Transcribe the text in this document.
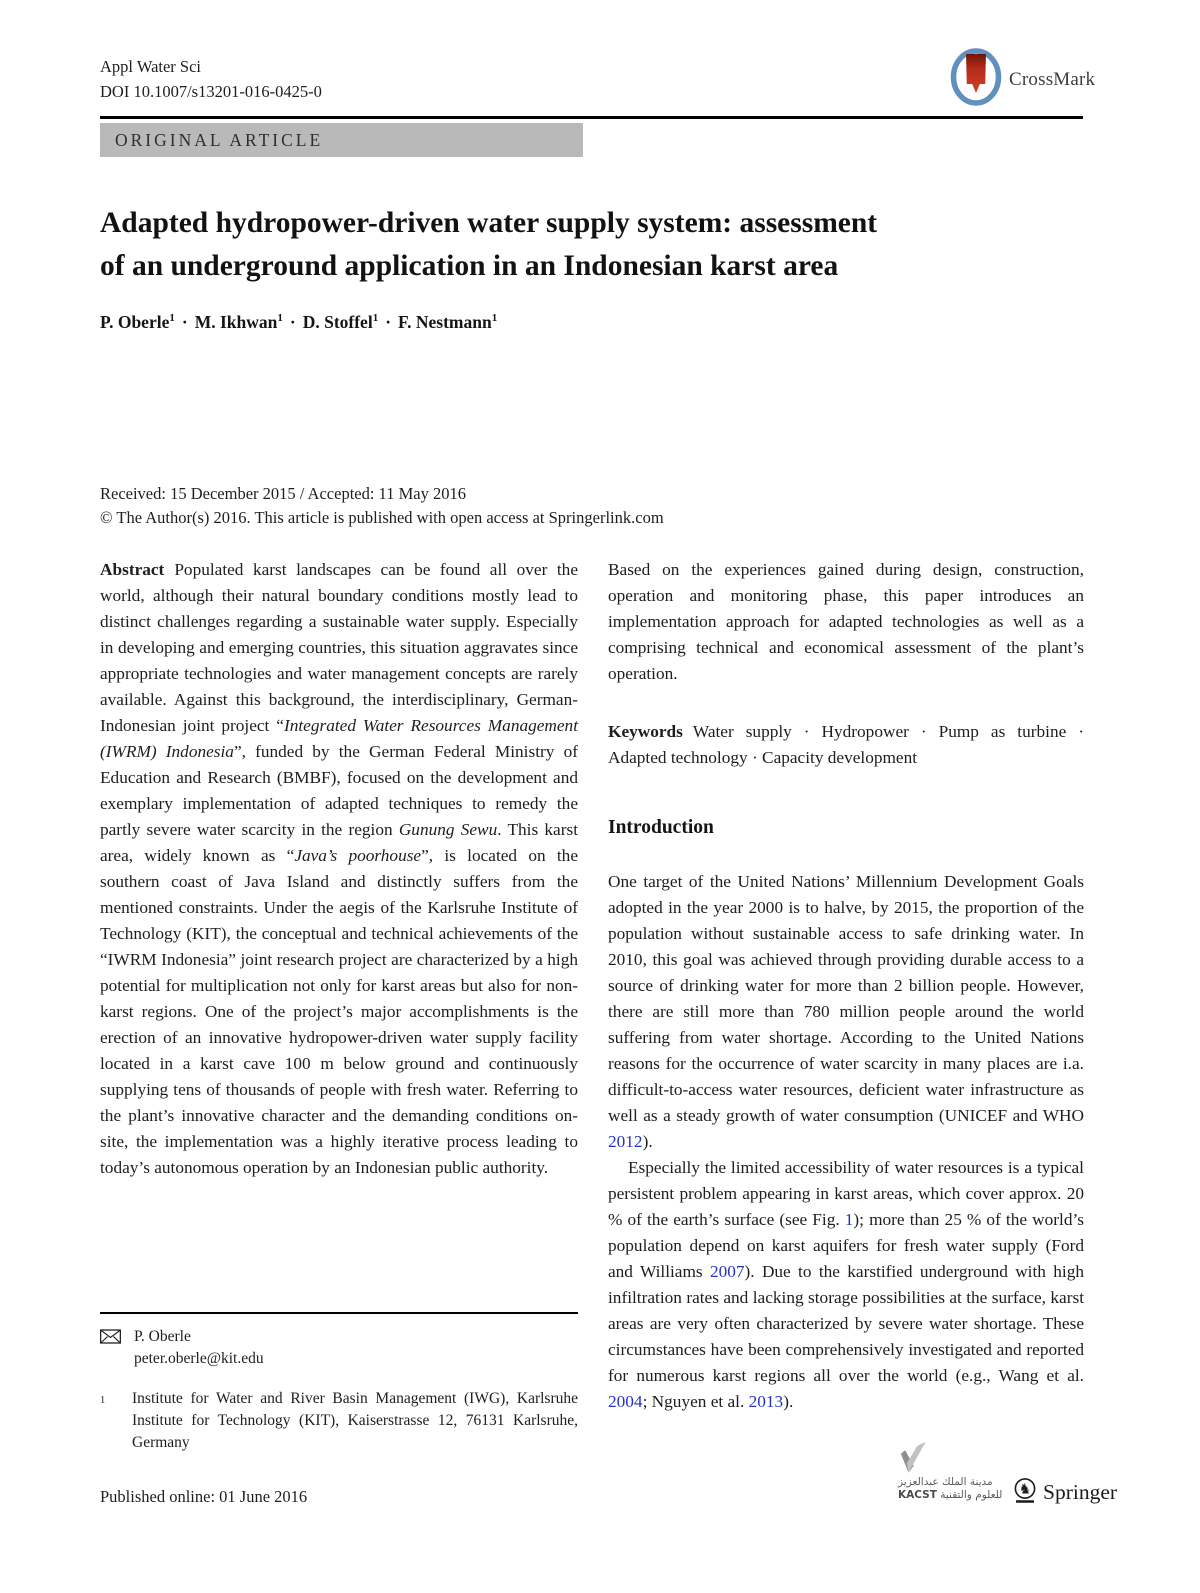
Appl Water Sci
DOI 10.1007/s13201-016-0425-0
CrossMark
ORIGINAL ARTICLE
Adapted hydropower-driven water supply system: assessment
of an underground application in an Indonesian karst area
P. Oberle$^1$ · M. Ikhwan$^1$ · D. Stoffel$^1$ · F. Nestmann$^1$
Received: 15 December 2015 / Accepted: 11 May 2016
© The Author(s) 2016. This article is published with open access at Springerlink.com

Abstract Populated karst landscapes can be found all over the world, although their natural boundary conditions mostly lead to distinct challenges regarding a sustainable water supply. Especially in developing and emerging countries, this situation aggravates since appropriate technologies and water management concepts are rarely available. Against this background, the interdisciplinary, German-Indonesian joint project “Integrated Water Resources Management (IWRM) Indonesia”, funded by the German Federal Ministry of Education and Research (BMBF), focused on the development and exemplary implementation of adapted techniques to remedy the partly severe water scarcity in the region Gunung Sewu. This karst area, widely known as “Java’s poorhouse”, is located on the southern coast of Java Island and distinctly suffers from the mentioned constraints. Under the aegis of the Karlsruhe Institute of Technology (KIT), the conceptual and technical achievements of the “IWRM Indonesia” joint research project are characterized by a high potential for multiplication not only for karst areas but also for non-karst regions. One of the project’s major accomplishments is the erection of an innovative hydropower-driven water supply facility located in a karst cave 100 m below ground and continuously supplying tens of thousands of people with fresh water. Referring to the plant’s innovative character and the demanding conditions on-site, the implementation was a highly iterative process leading to today’s autonomous operation by an Indonesian public authority.

Based on the experiences gained during design, construction, operation and monitoring phase, this paper introduces an implementation approach for adapted technologies as well as a comprising technical and economical assessment of the plant’s operation.

Keywords Water supply · Hydropower · Pump as turbine · Adapted technology · Capacity development

Introduction

One target of the United Nations’ Millennium Development Goals adopted in the year 2000 is to halve, by 2015, the proportion of the population without sustainable access to safe drinking water. In 2010, this goal was achieved through providing durable access to a source of drinking water for more than 2 billion people. However, there are still more than 780 million people around the world suffering from water shortage. According to the United Nations reasons for the occurrence of water scarcity in many places are i.a. difficult-to-access water resources, deficient water infrastructure as well as a steady growth of water consumption (UNICEF and WHO 2012).

Especially the limited accessibility of water resources is a typical persistent problem appearing in karst areas, which cover approx. 20 % of the earth’s surface (see Fig. 1); more than 25 % of the world’s population depend on karst aquifers for fresh water supply (Ford and Williams 2007). Due to the karstified underground with high infiltration rates and lacking storage possibilities at the surface, karst areas are very often characterized by severe water shortage. These circumstances have been comprehensively investigated and reported for numerous karst regions all over the world (e.g., Wang et al. 2004; Nguyen et al. 2013).

P. Oberle
peter.oberle@kit.edu
1	Institute for Water and River Basin Management (IWG), Karlsruhe Institute for Technology (KIT), Kaiserstrasse 12, 76131 Karlsruhe, Germany
Published online: 01 June 2016
مدينة الملك عبدالعزيز
للعلوم والتقنية KACST	♞ Springer
